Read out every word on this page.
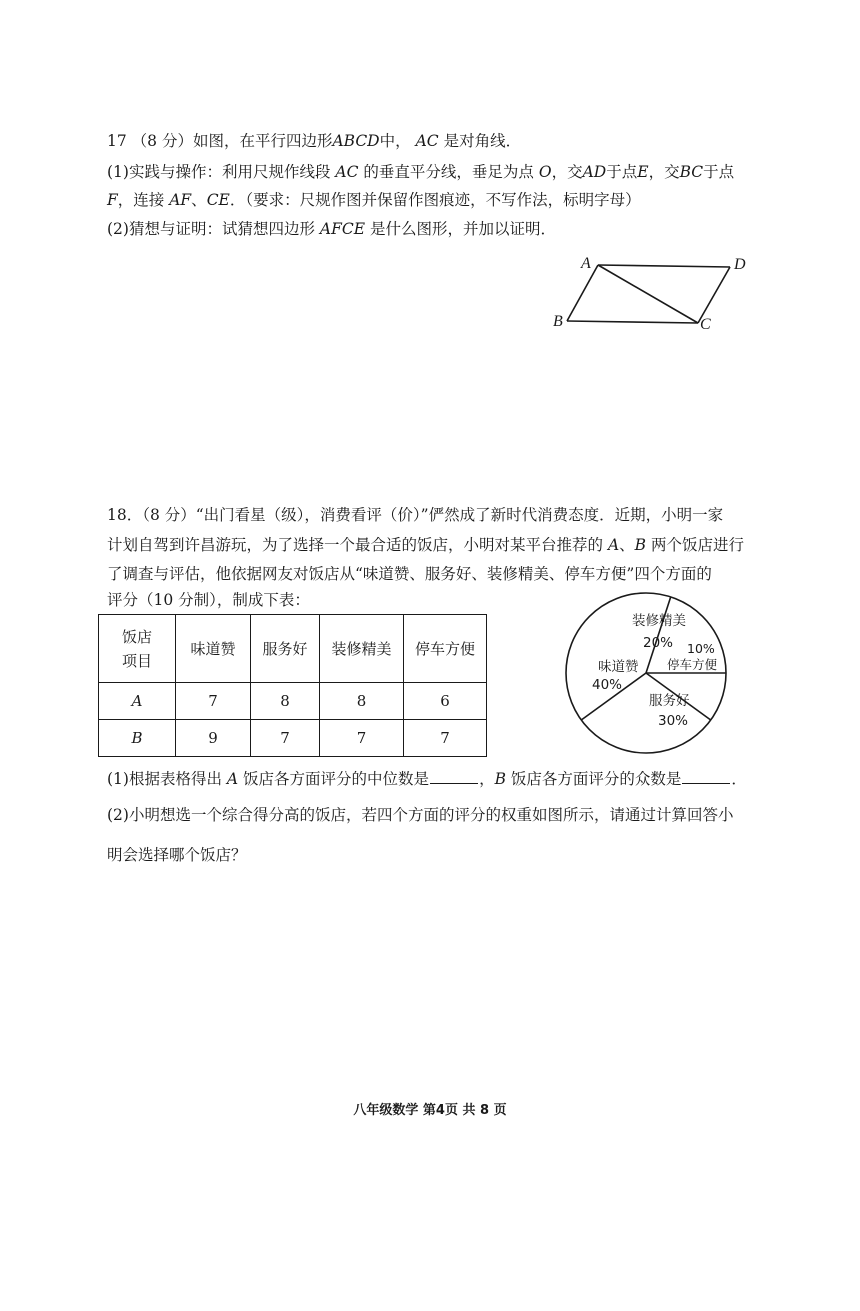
17 （8 分）如图，在平行四边形ABCD中， AC 是对角线．
(1)实践与操作：利用尺规作线段 AC 的垂直平分线，垂足为点 O，交AD于点E，交BC于点
F，连接 AF、CE．（要求：尺规作图并保留作图痕迹，不写作法，标明字母）
(2)猜想与证明：试猜想四边形 AFCE 是什么图形，并加以证明．
A	D
B	C
18．（8 分）“出门看星（级），消费看评（价）”俨然成了新时代消费态度．近期，小明一家
计划自驾到许昌游玩，为了选择一个最合适的饭店，小明对某平台推荐的 A、B 两个饭店进行
了调查与评估，他依据网友对饭店从“味道赞、服务好、装修精美、停车方便”四个方面的
评分（10 分制），制成下表：
饭店
项目	味道赞	服务好	装修精美	停车方便
A	7	8	8	6
B	9	7	7	7
装修精美
20% 10%
停车方便
味道赞
40%
服务好
30%
(1)根据表格得出 A 饭店各方面评分的中位数是	，B 饭店各方面评分的众数是	．
(2)小明想选一个综合得分高的饭店，若四个方面的评分的权重如图所示，请通过计算回答小
明会选择哪个饭店？
八年级数学 第4页 共 8 页
